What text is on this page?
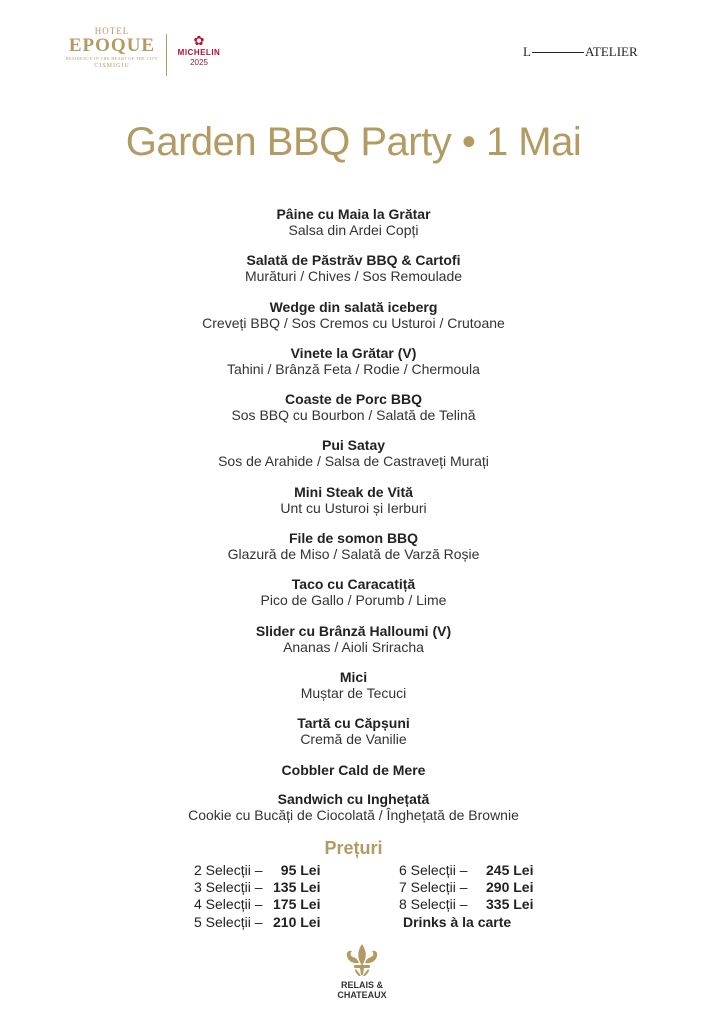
HOTEL
EPOQUE
RESIDENCE IN THE HEART OF THE CITY
CISMIGIU
✿
MICHELIN
2025
L	ATELIER
Garden BBQ Party • 1 Mai
Pâine cu Maia la Grătar
Salsa din Ardei Copți
Salată de Păstrăv BBQ & Cartofi
Murături / Chives / Sos Remoulade
Wedge din salată iceberg
Creveți BBQ / Sos Cremos cu Usturoi / Crutoane
Vinete la Grătar (V)
Tahini / Brânză Feta / Rodie / Chermoula
Coaste de Porc BBQ
Sos BBQ cu Bourbon / Salată de Telină
Pui Satay
Sos de Arahide / Salsa de Castraveți Murați
Mini Steak de Vită
Unt cu Usturoi și Ierburi
File de somon BBQ
Glazură de Miso / Salată de Varză Roșie
Taco cu Caracatiță
Pico de Gallo / Porumb / Lime
Slider cu Brânză Halloumi (V)
Ananas / Aioli Sriracha
Mici
Muștar de Tecuci
Tartă cu Căpșuni
Cremă de Vanilie
Cobbler Cald de Mere
Sandwich cu Inghețată
Cookie cu Bucăți de Ciocolată / Înghețată de Brownie
Prețuri
2 Selecții – 95 Lei
3 Selecții – 135 Lei
4 Selecții – 175 Lei
5 Selecții – 210 Lei
6 Selecții – 245 Lei
7 Selecții – 290 Lei
8 Selecții – 335 Lei
Drinks à la carte
RELAIS &
CHATEAUX
